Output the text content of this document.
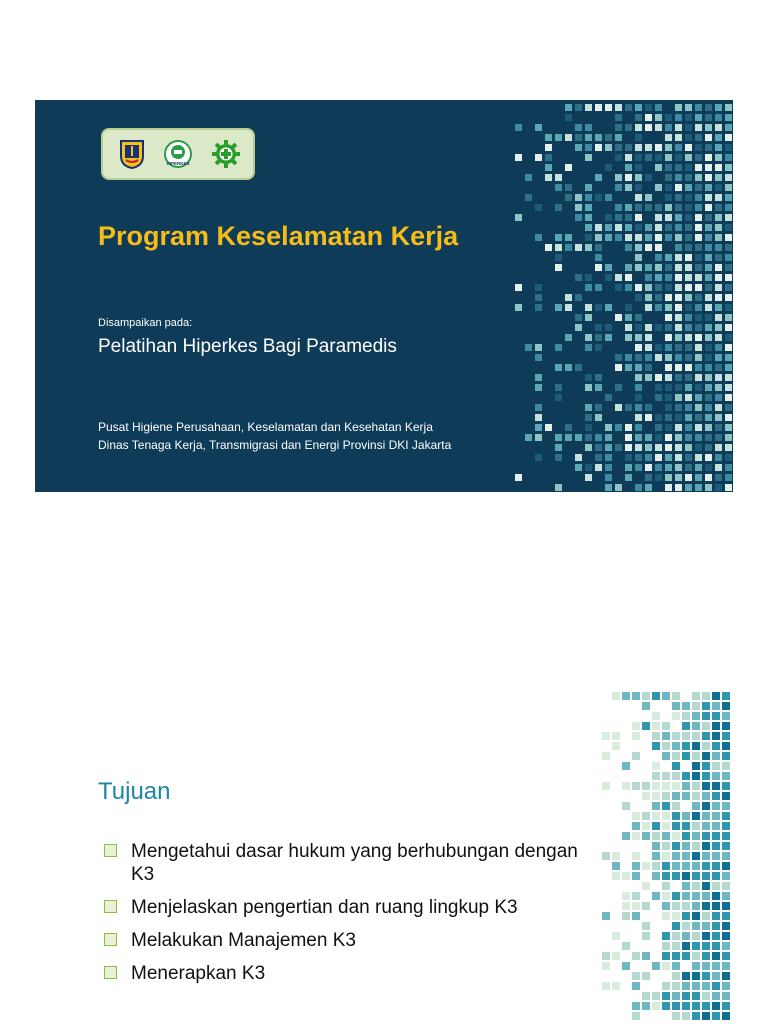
HIPERKES
Program Keselamatan Kerja
Disampaikan pada:
Pelatihan Hiperkes Bagi Paramedis
Pusat Higiene Perusahaan, Keselamatan dan Kesehatan Kerja
Dinas Tenaga Kerja, Transmigrasi dan Energi Provinsi DKI Jakarta
Tujuan
Mengetahui dasar hukum yang berhubungan dengan K3
Menjelaskan pengertian dan ruang lingkup K3
Melakukan Manajemen K3
Menerapkan K3
